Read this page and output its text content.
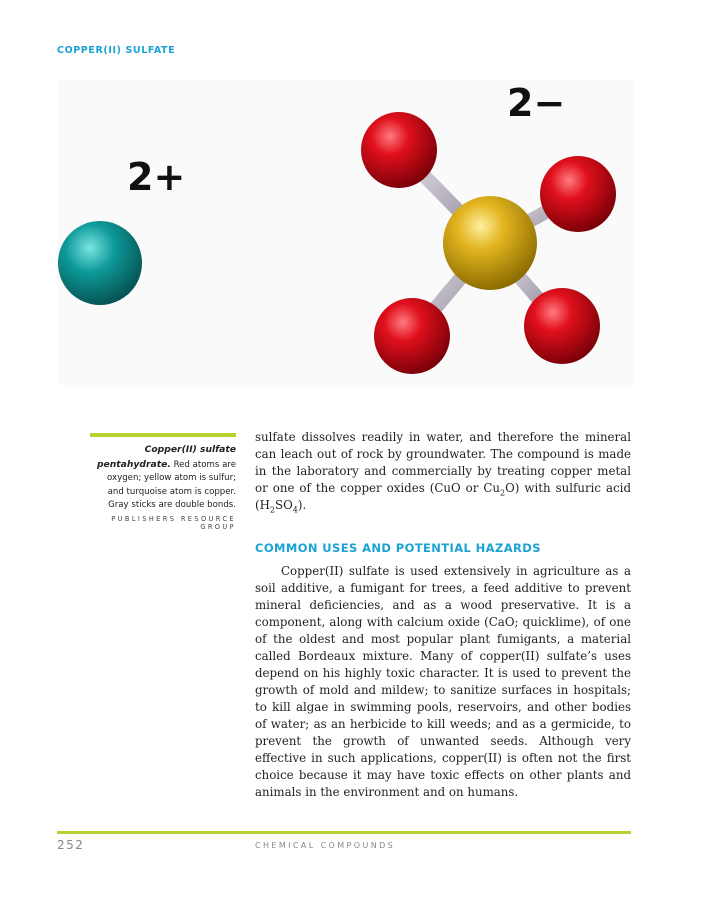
COPPER(II) SULFATE
2−
2+

Copper(II) sulfate pentahydrate. Red atoms are oxygen; yellow atom is sulfur; and turquoise atom is copper. Gray sticks are double bonds.

PUBLISHERS RESOURCE GROUP

sulfate dissolves readily in water, and therefore the mineral can leach out of rock by groundwater. The compound is made in the laboratory and commercially by treating copper metal or one of the copper oxides (CuO or $Cu_2O$) with sulfuric acid $(H_2SO_4)$.

COMMON USES AND POTENTIAL HAZARDS

Copper(II) sulfate is used extensively in agriculture as a soil additive, a fumigant for trees, a feed additive to prevent mineral deficiencies, and as a wood preservative. It is a component, along with calcium oxide (CaO; quicklime), of one of the oldest and most popular plant fumigants, a material called Bordeaux mixture. Many of copper(II) sulfate’s uses depend on his highly toxic character. It is used to prevent the growth of mold and mildew; to sanitize surfaces in hospitals; to kill algae in swimming pools, reservoirs, and other bodies of water; as an herbicide to kill weeds; and as a germicide, to prevent the growth of unwanted seeds. Although very effective in such applications, copper(II) is often not the first choice because it may have toxic effects on other plants and animals in the environment and on humans.

252	CHEMICAL COMPOUNDS
